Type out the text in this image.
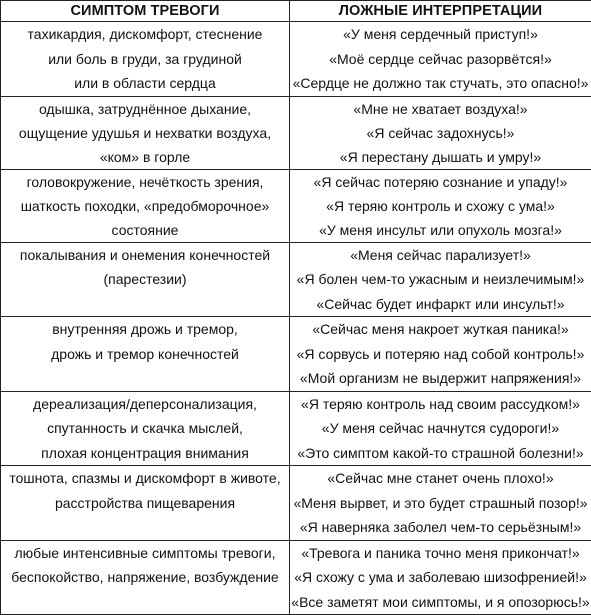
СИМПТОМ ТРЕВОГИ	ЛОЖНЫЕ ИНТЕРПРЕТАЦИИ

тахикардия, дискомфорт, стеснение
или боль в груди, за грудиной
или в области сердца	«У меня сердечный приступ!»
«Моё сердце сейчас разорвётся!»
«Сердце не должно так стучать, это опасно!»

одышка, затруднённое дыхание,
ощущение удушья и нехватки воздуха,
«ком» в горле	«Мне не хватает воздуха!»
«Я сейчас задохнусь!»
«Я перестану дышать и умру!»

головокружение, нечёткость зрения,
шаткость походки, «предобморочное»
состояние	«Я сейчас потеряю сознание и упаду!»
«Я теряю контроль и схожу с ума!»
«У меня инсульт или опухоль мозга!»

покалывания и онемения конечностей
(парестезии)	«Меня сейчас парализует!»
«Я болен чем-то ужасным и неизлечимым!»
«Сейчас будет инфаркт или инсульт!»

внутренняя дрожь и тремор,
дрожь и тремор конечностей	«Сейчас меня накроет жуткая паника!»
«Я сорвусь и потеряю над собой контроль!»
«Мой организм не выдержит напряжения!»

дереализация/деперсонализация,
спутанность и скачка мыслей,
плохая концентрация внимания	«Я теряю контроль над своим рассудком!»
«У меня сейчас начнутся судороги!»
«Это симптом какой-то страшной болезни!»

тошнота, спазмы и дискомфорт в животе,
расстройства пищеварения	«Сейчас мне станет очень плохо!»
«Меня вырвет, и это будет страшный позор!»
«Я наверняка заболел чем-то серьёзным!»

любые интенсивные симптомы тревоги,
беспокойство, напряжение, возбуждение	«Тревога и паника точно меня прикончат!»
«Я схожу с ума и заболеваю шизофренией!»
«Все заметят мои симптомы, и я опозорюсь!»
